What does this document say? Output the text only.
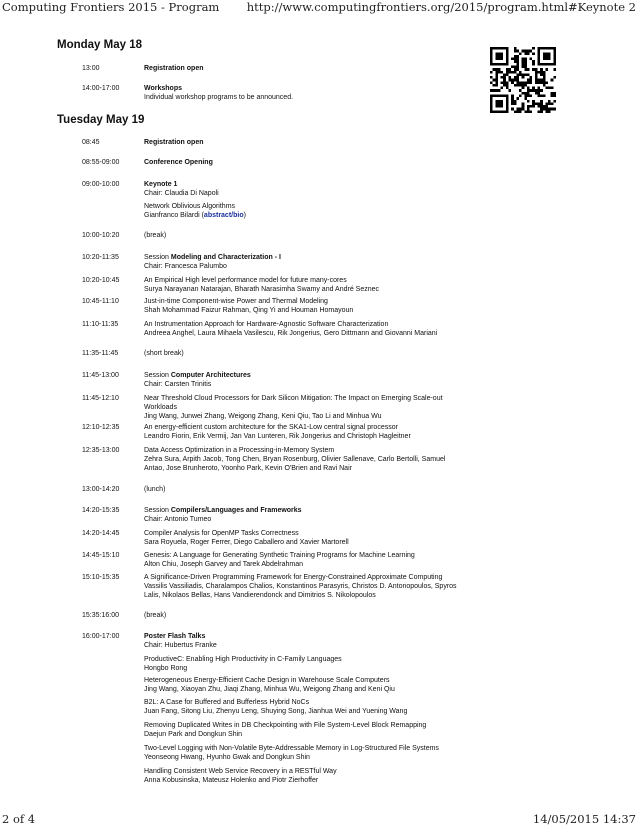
Computing Frontiers 2015 - Program http://www.computingfrontiers.org/2015/program.html#Keynote 2
Monday May 18
Tuesday May 19
13:00	Registration open
14:00-17:00	Workshops
Individual workshop programs to be announced.
08:45	Registration open
08:55-09:00	Conference Opening
09:00-10:00	Keynote 1
Chair: Claudia Di Napoli
Network Oblivious Algorithms
Gianfranco Bilardi (abstract/bio)
10:00-10:20	(break)
10:20-11:35	Session Modeling and Characterization - I
Chair: Francesca Palumbo
10:20-10:45	An Empirical High level performance model for future many-cores
Surya Narayanan Natarajan, Bharath Narasimha Swamy and André Seznec
10:45-11:10	Just-in-time Component-wise Power and Thermal Modeling
Shah Mohammad Faizur Rahman, Qing Yi and Houman Homayoun
11:10-11:35	An Instrumentation Approach for Hardware-Agnostic Software Characterization
Andreea Anghel, Laura Mihaela Vasilescu, Rik Jongerius, Gero Dittmann and Giovanni Mariani
11:35-11:45	(short break)
11:45-13:00	Session Computer Architectures
Chair: Carsten Trinitis
11:45-12:10	Near Threshold Cloud Processors for Dark Silicon Mitigation: The Impact on Emerging Scale-out Workloads
Jing Wang, Junwei Zhang, Weigong Zhang, Keni Qiu, Tao Li and Minhua Wu
12:10-12:35	An energy-efficient custom architecture for the SKA1-Low central signal processor
Leandro Fiorin, Erik Vermij, Jan Van Lunteren, Rik Jongerius and Christoph Hagleitner
12:35-13:00	Data Access Optimization in a Processing-in-Memory System
Zehra Sura, Arpith Jacob, Tong Chen, Bryan Rosenburg, Olivier Sallenave, Carlo Bertolli, Samuel Antao, Jose Brunheroto, Yoonho Park, Kevin O'Brien and Ravi Nair
13:00-14:20	(lunch)
14:20-15:35	Session Compilers/Languages and Frameworks
Chair: Antonio Tumeo
14:20-14:45	Compiler Analysis for OpenMP Tasks Correctness
Sara Royuela, Roger Ferrer, Diego Caballero and Xavier Martorell
14:45-15:10	Genesis: A Language for Generating Synthetic Training Programs for Machine Learning
Alton Chiu, Joseph Garvey and Tarek Abdelrahman
15:10-15:35	A Significance-Driven Programming Framework for Energy-Constrained Approximate Computing
Vassilis Vassiliadis, Charalampos Chalios, Konstantinos Parasyris, Christos D. Antonopoulos, Spyros Lalis, Nikolaos Bellas, Hans Vandierendonck and Dimitrios S. Nikolopoulos
15:35:16:00	(break)
16:00-17:00	Poster Flash Talks
Chair: Hubertus Franke
ProductiveC: Enabling High Productivity in C-Family Languages
Hongbo Rong
Heterogeneous Energy-Efficient Cache Design in Warehouse Scale Computers
Jing Wang, Xiaoyan Zhu, Jiaqi Zhang, Minhua Wu, Weigong Zhang and Keni Qiu
B2L: A Case for Buffered and Bufferless Hybrid NoCs
Juan Fang, Sitong Liu, Zhenyu Leng, Shuying Song, Jianhua Wei and Yuening Wang
Removing Duplicated Writes in DB Checkpointing with File System-Level Block Remapping
Daejun Park and Dongkun Shin
Two-Level Logging with Non-Volatile Byte-Addressable Memory in Log-Structured File Systems
Yeonseong Hwang, Hyunho Gwak and Dongkun Shin
Handling Consistent Web Service Recovery in a RESTful Way
Anna Kobusinska, Mateusz Holenko and Piotr Zierhoffer
2 of 4	14/05/2015 14:37
